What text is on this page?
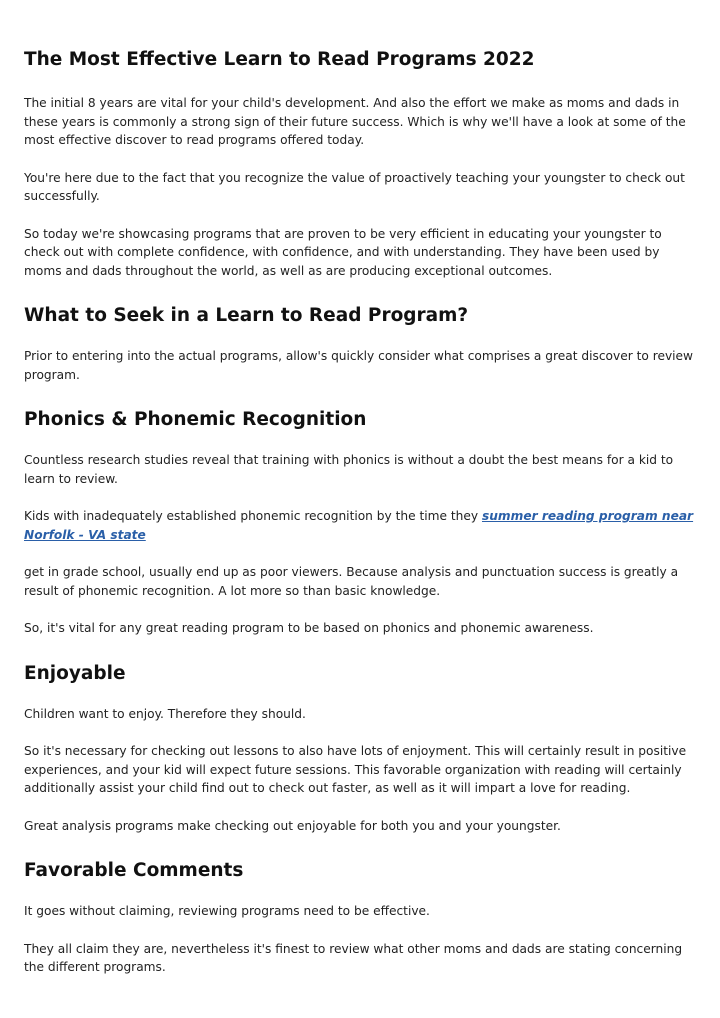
The Most Effective Learn to Read Programs 2022

The initial 8 years are vital for your child's development. And also the effort we make as moms and dads in these years is commonly a strong sign of their future success. Which is why we'll have a look at some of the most effective discover to read programs offered today.

You're here due to the fact that you recognize the value of proactively teaching your youngster to check out successfully.

So today we're showcasing programs that are proven to be very efficient in educating your youngster to check out with complete confidence, with confidence, and with understanding. They have been used by moms and dads throughout the world, as well as are producing exceptional outcomes.

What to Seek in a Learn to Read Program?

Prior to entering into the actual programs, allow's quickly consider what comprises a great discover to review program.

Phonics & Phonemic Recognition

Countless research studies reveal that training with phonics is without a doubt the best means for a kid to learn to review.

Kids with inadequately established phonemic recognition by the time they summer reading program near Norfolk - VA state

get in grade school, usually end up as poor viewers. Because analysis and punctuation success is greatly a result of phonemic recognition. A lot more so than basic knowledge.

So, it's vital for any great reading program to be based on phonics and phonemic awareness.

Enjoyable

Children want to enjoy. Therefore they should.

So it's necessary for checking out lessons to also have lots of enjoyment. This will certainly result in positive experiences, and your kid will expect future sessions. This favorable organization with reading will certainly additionally assist your child find out to check out faster, as well as it will impart a love for reading.

Great analysis programs make checking out enjoyable for both you and your youngster.

Favorable Comments

It goes without claiming, reviewing programs need to be effective.

They all claim they are, nevertheless it's finest to review what other moms and dads are stating concerning the different programs.
